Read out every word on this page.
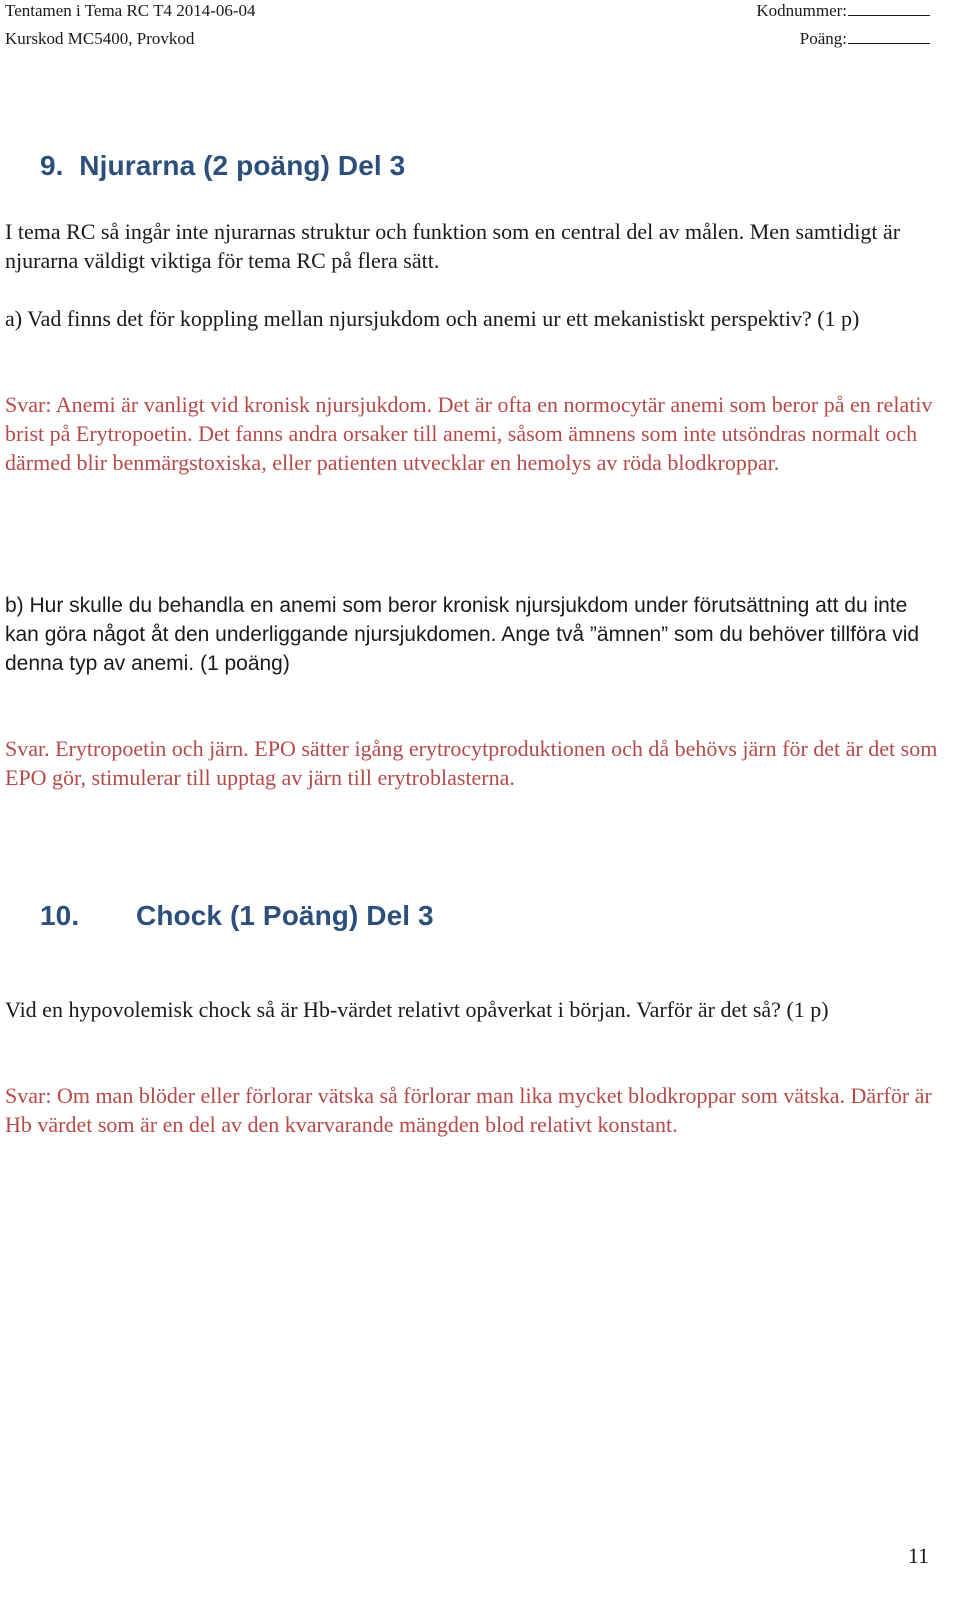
Tentamen i Tema RC T4 2014-06-04	Kodnummer:
Kurskod MC5400, Provkod	Poäng:
9.  Njurarna (2 poäng) Del 3

I tema RC så ingår inte njurarnas struktur och funktion som en central del av målen. Men samtidigt är njurarna väldigt viktiga för tema RC på flera sätt.

a) Vad finns det för koppling mellan njursjukdom och anemi ur ett mekanistiskt perspektiv? (1 p)

Svar: Anemi är vanligt vid kronisk njursjukdom. Det är ofta en normocytär anemi som beror på en relativ brist på Erytropoetin. Det fanns andra orsaker till anemi, såsom ämnens som inte utsöndras normalt och därmed blir benmärgstoxiska, eller patienten utvecklar en hemolys av röda blodkroppar.

b) Hur skulle du behandla en anemi som beror kronisk njursjukdom under förutsättning att du inte kan göra något åt den underliggande njursjukdomen. Ange två ”ämnen” som du behöver tillföra vid denna typ av anemi. (1 poäng)

Svar. Erytropoetin och järn. EPO sätter igång erytrocytproduktionen och då behövs järn för det är det som EPO gör, stimulerar till upptag av järn till erytroblasterna.

10. Chock (1 Poäng) Del 3

Vid en hypovolemisk chock så är Hb-värdet relativt opåverkat i början. Varför är det så? (1 p)

Svar: Om man blöder eller förlorar vätska så förlorar man lika mycket blodkroppar som vätska. Därför är Hb värdet som är en del av den kvarvarande mängden blod relativt konstant.

11
